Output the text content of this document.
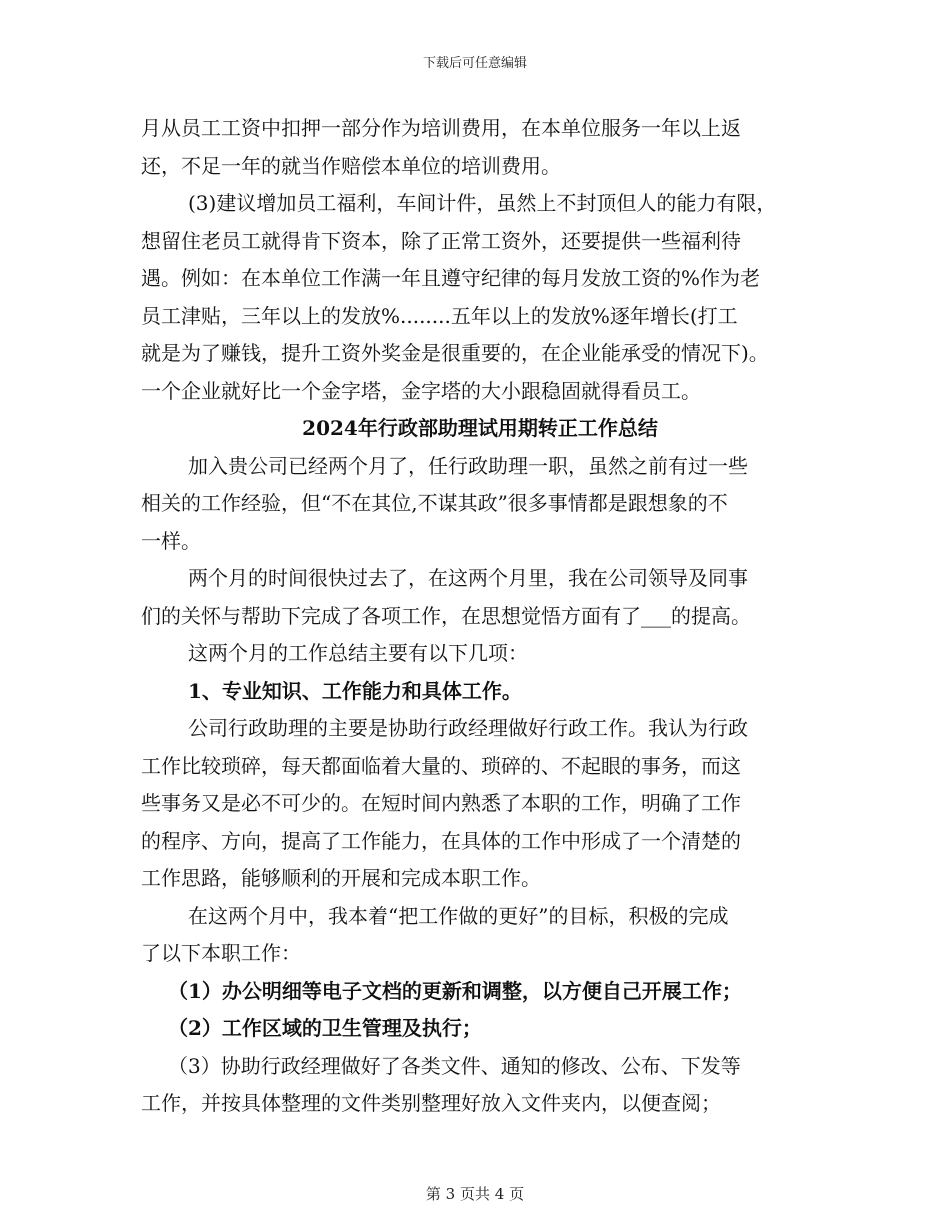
下载后可任意编辑
月从员工工资中扣押一部分作为培训费用，在本单位服务一年以上返
还，不足一年的就当作赔偿本单位的培训费用。
(3)建议增加员工福利，车间计件，虽然上不封顶但人的能力有限，
想留住老员工就得肯下资本，除了正常工资外，还要提供一些福利待
遇。例如：在本单位工作满一年且遵守纪律的每月发放工资的%作为老
员工津贴，三年以上的发放%........五年以上的发放%逐年增长(打工
就是为了赚钱，提升工资外奖金是很重要的，在企业能承受的情况下)。
一个企业就好比一个金字塔，金字塔的大小跟稳固就得看员工。
2024年行政部助理试用期转正工作总结
加入贵公司已经两个月了，任行政助理一职，虽然之前有过一些
相关的工作经验，但“不在其位,不谋其政”很多事情都是跟想象的不
一样。
两个月的时间很快过去了，在这两个月里，我在公司领导及同事
们的关怀与帮助下完成了各项工作，在思想觉悟方面有了___的提高。
这两个月的工作总结主要有以下几项：
1、专业知识、工作能力和具体工作。
公司行政助理的主要是协助行政经理做好行政工作。我认为行政
工作比较琐碎，每天都面临着大量的、琐碎的、不起眼的事务，而这
些事务又是必不可少的。在短时间内熟悉了本职的工作，明确了工作
的程序、方向，提高了工作能力，在具体的工作中形成了一个清楚的
工作思路，能够顺利的开展和完成本职工作。
在这两个月中，我本着“把工作做的更好”的目标，积极的完成
了以下本职工作：
（1）办公明细等电子文档的更新和调整，以方便自己开展工作；
（2）工作区域的卫生管理及执行；
（3）协助行政经理做好了各类文件、通知的修改、公布、下发等
工作，并按具体整理的文件类别整理好放入文件夹内，以便查阅；
第 3 页共 4 页
